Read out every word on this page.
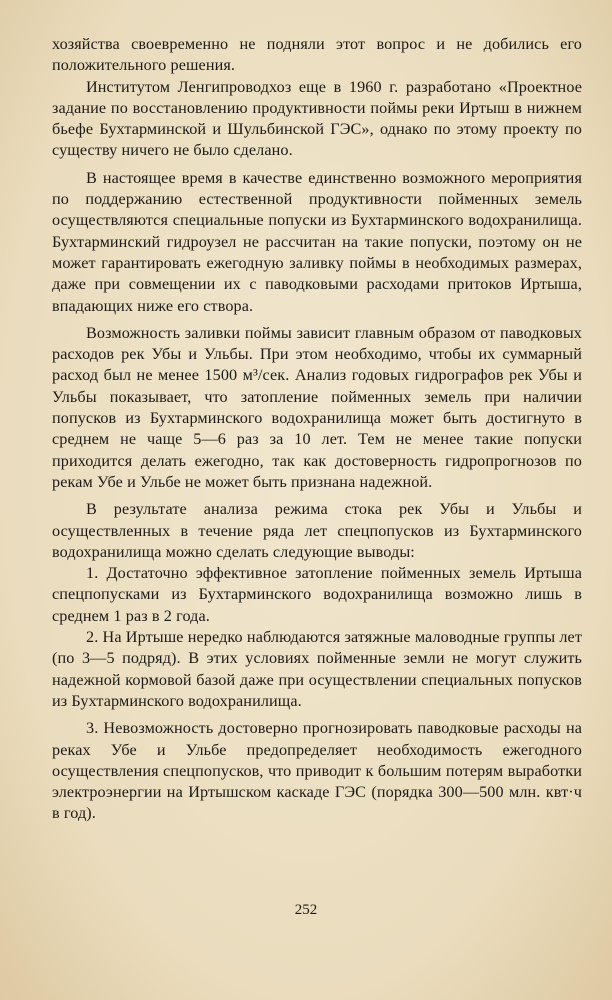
хозяйства своевременно не подняли этот вопрос и не добились его положительного решения.

Институтом Ленгипроводхоз еще в 1960 г. разработано «Проектное задание по восстановлению продуктивности поймы реки Иртыш в нижнем бьефе Бухтарминской и Шульбинской ГЭС», однако по этому проекту по существу ничего не было сделано.

В настоящее время в качестве единственно возможного мероприятия по поддержанию естественной продуктивности пойменных земель осуществляются специальные попуски из Бухтарминского водохранилища. Бухтарминский гидроузел не рассчитан на такие попуски, поэтому он не может гарантировать ежегодную заливку поймы в необходимых размерах, даже при совмещении их с паводковыми расходами притоков Иртыша, впадающих ниже его створа.

Возможность заливки поймы зависит главным образом от паводковых расходов рек Убы и Ульбы. При этом необходимо, чтобы их суммарный расход был не менее 1500 м³/сек. Анализ годовых гидрографов рек Убы и Ульбы показывает, что затопление пойменных земель при наличии попусков из Бухтарминского водохранилища может быть достигнуто в среднем не чаще 5—6 раз за 10 лет. Тем не менее такие попуски приходится делать ежегодно, так как достоверность гидропрогнозов по рекам Убе и Ульбе не может быть признана надежной.

В результате анализа режима стока рек Убы и Ульбы и осуществленных в течение ряда лет спецпопусков из Бухтарминского водохранилища можно сделать следующие выводы:

1. Достаточно эффективное затопление пойменных земель Иртыша спецпопусками из Бухтарминского водохранилища возможно лишь в среднем 1 раз в 2 года.

2. На Иртыше нередко наблюдаются затяжные маловодные группы лет (по 3—5 подряд). В этих условиях пойменные земли не могут служить надежной кормовой базой даже при осуществлении специальных попусков из Бухтарминского водохранилища.

3. Невозможность достоверно прогнозировать паводковые расходы на реках Убе и Ульбе предопределяет необходимость ежегодного осуществления спецпопусков, что приводит к большим потерям выработки электроэнергии на Иртышском каскаде ГЭС (порядка 300—500 млн. квт·ч в год).

252
